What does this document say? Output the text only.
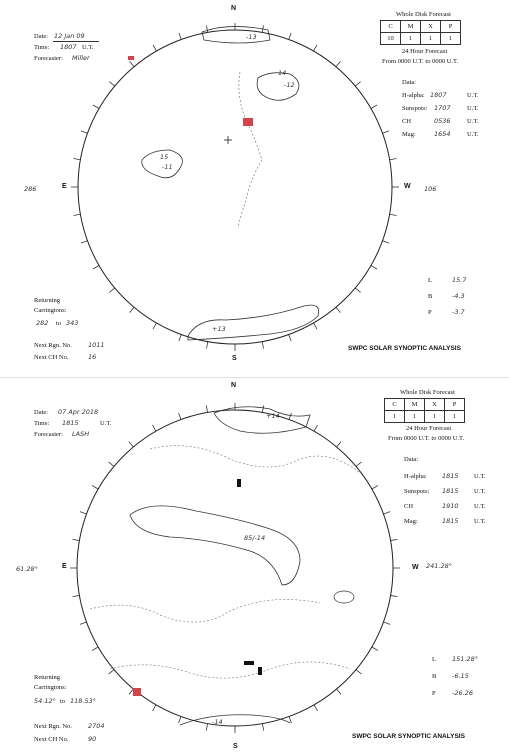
Date: 12 Jan 09
Time: 1807 U.T.
Forecaster: Miller
Whole Disk Forecast
C	M	X	P
10	1	1	1
24 Hour Forecast
From 0000 U.T. to 0000 U.T.
Data:
H-alpha: 1807	U.T.
Sunspots: 1707	U.T.
CH	0536	U.T.
Mag:	1654	U.T.
N
S
E	W
286	106
-13
14
-12
15
-11
+13
L	15.7
B	-4.3
P	-3.7
Returning
Carringtons:
282 to 343
Next Rgn. No. 1011
Next CH No.	16
SWPC SOLAR SYNOPTIC ANALYSIS
Date: 07 Apr 2018
Time: 1815	U.T.
Forecaster: LASH
Whole Disk Forecast
C	M	X	P
1	1	1	1
24 Hour Forecast
From 0000 U.T. to 0000 U.T.
Data:
H-alpha: 1815 U.T.
Sunspots: 1815 U.T.
CH	1910 U.T.
Mag:	1815 U.T.
N
S
E	W
61.28°	241.28°
+14
85/-14
-14
L 151.28°
B -6.15
P	-26.26
Returning
Carringtons:
54.12° to 118.53°
Next Rgn. No. 2704
Next CH No.	90	SWPC SOLAR SYNOPTIC ANALYSIS
